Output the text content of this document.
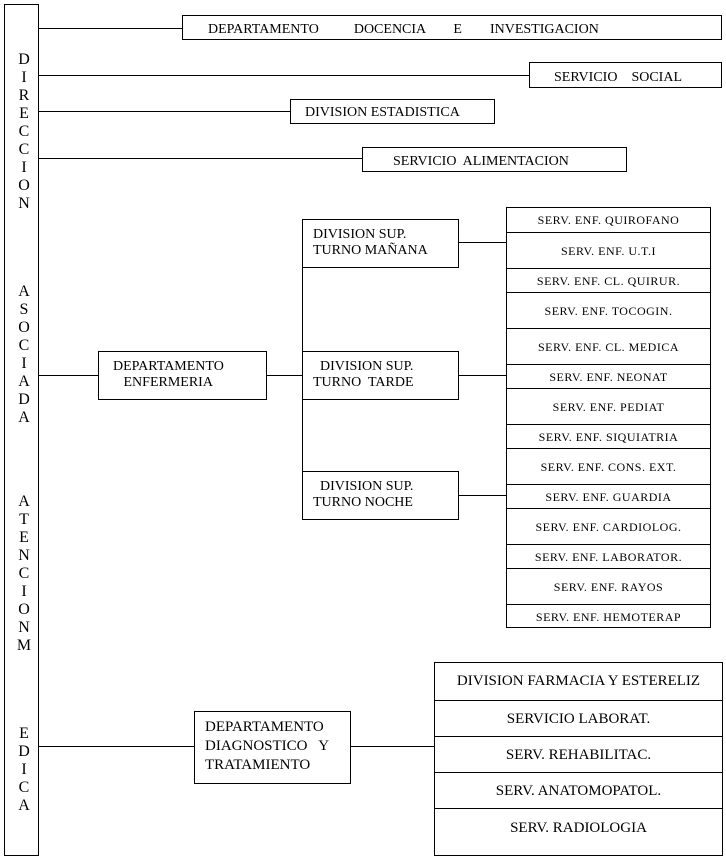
D
I
R
E
C
C
I
O
N
A
S
O
C
I
A
D
A
A
T
E
N
C
I
O
N
M
E
D
I
C
A
DEPARTAMENTO          DOCENCIA        E        INVESTIGACION
SERVICIO    SOCIAL
DIVISION ESTADISTICA
SERVICIO  ALIMENTACION
DEPARTAMENTO
ENFERMERIA
DIVISION SUP.
TURNO MAÑANA
DIVISION SUP.
TURNO  TARDE
DIVISION SUP.
TURNO NOCHE
SERV. ENF. QUIROFANO
SERV. ENF. U.T.I
SERV. ENF. CL. QUIRUR.
SERV. ENF. TOCOGIN.
SERV. ENF. CL. MEDICA
SERV. ENF. NEONAT
SERV. ENF. PEDIAT
SERV. ENF. SIQUIATRIA
SERV. ENF. CONS. EXT.
SERV. ENF. GUARDIA
SERV. ENF. CARDIOLOG.
SERV. ENF. LABORATOR.
SERV. ENF. RAYOS
SERV. ENF. HEMOTERAP
DEPARTAMENTO
DIAGNOSTICO   Y
TRATAMIENTO
DIVISION FARMACIA Y ESTERELIZ
SERVICIO LABORAT.
SERV. REHABILITAC.
SERV. ANATOMOPATOL.
SERV. RADIOLOGIA
